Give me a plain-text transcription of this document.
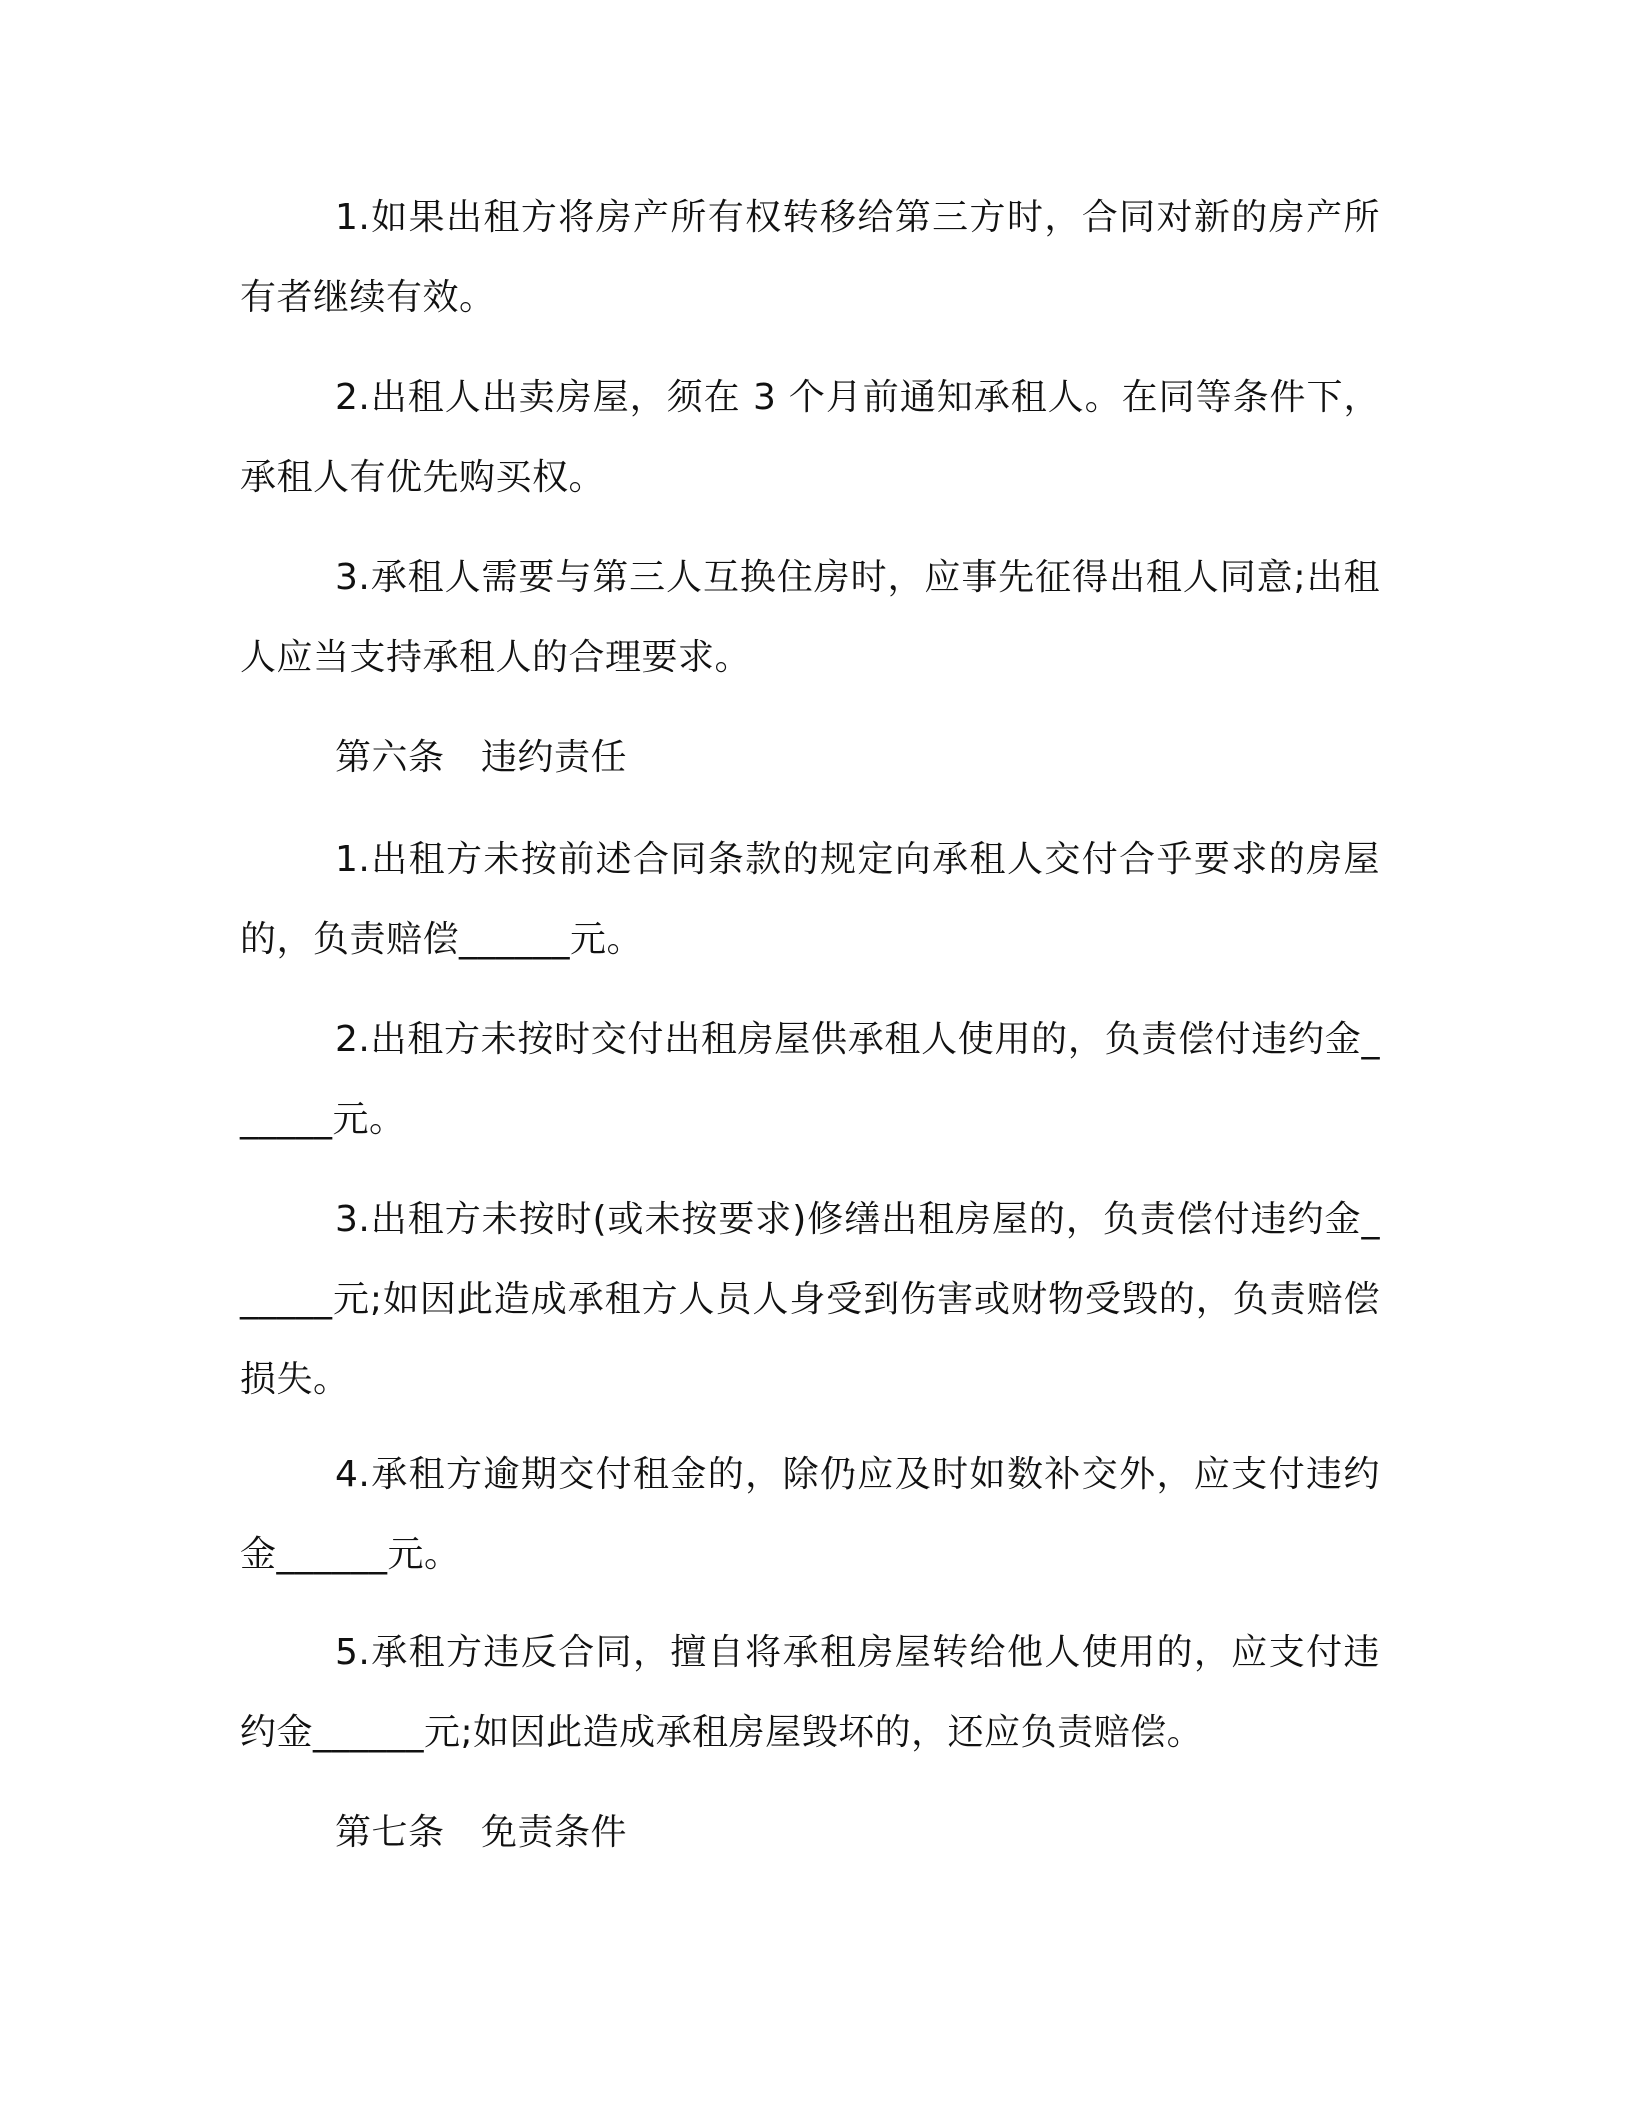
1.如果出租方将房产所有权转移给第三方时，合同对新的房产所有者继续有效。

2.出租人出卖房屋，须在 3 个月前通知承租人。在同等条件下，承租人有优先购买权。

3.承租人需要与第三人互换住房时，应事先征得出租人同意;出租人应当支持承租人的合理要求。

第六条　违约责任

1.出租方未按前述合同条款的规定向承租人交付合乎要求的房屋的，负责赔偿______元。

2.出租方未按时交付出租房屋供承租人使用的，负责偿付违约金______元。

3.出租方未按时(或未按要求)修缮出租房屋的，负责偿付违约金______元;如因此造成承租方人员人身受到伤害或财物受毁的，负责赔偿损失。

4.承租方逾期交付租金的，除仍应及时如数补交外，应支付违约金______元。

5.承租方违反合同，擅自将承租房屋转给他人使用的，应支付违约金______元;如因此造成承租房屋毁坏的，还应负责赔偿。

第七条　免责条件
